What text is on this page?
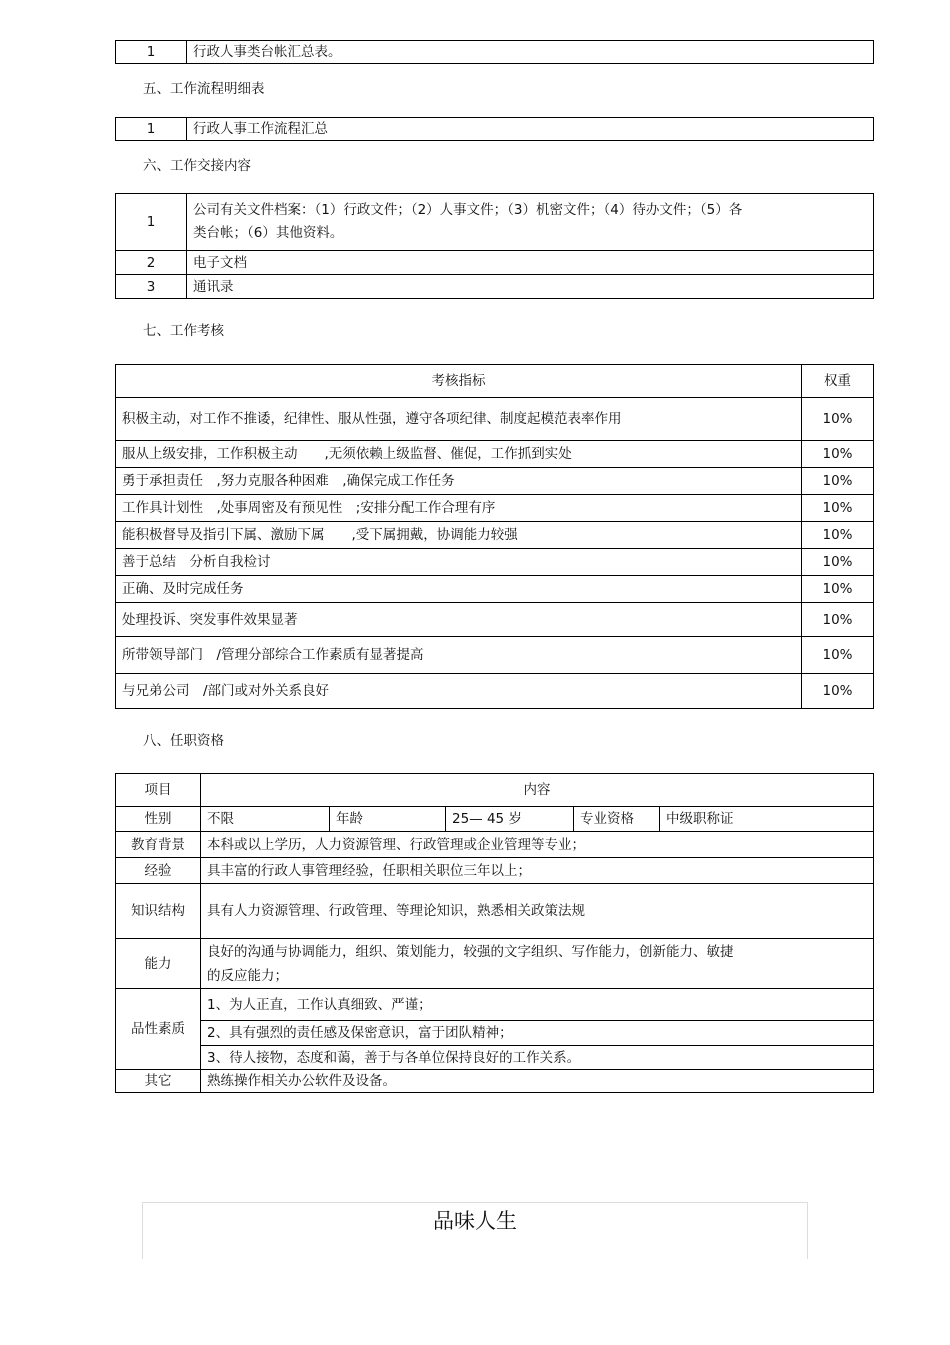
1	行政人事类台帐汇总表。
五、工作流程明细表
1	行政人事工作流程汇总
六、工作交接内容
1	公司有关文件档案：（1）行政文件；（2）人事文件；（3）机密文件；（4）待办文件；（5）各
类台帐；（6）其他资料。

2	电子文档
3	通讯录
七、工作考核
考核指标	权重
积极主动，对工作不推诿，纪律性、服从性强，遵守各项纪律、制度起模范表率作用	10%
服从上级安排，工作积极主动　　,无须依赖上级监督、催促，工作抓到实处	10%
勇于承担责任　,努力克服各种困难　,确保完成工作任务	10%
工作具计划性　,处事周密及有预见性　;安排分配工作合理有序	10%
能积极督导及指引下属、激励下属　　,受下属拥戴，协调能力较强	10%
善于总结　分析自我检讨	10%
正确、及时完成任务	10%
处理投诉、突发事件效果显著	10%
所带领导部门　/管理分部综合工作素质有显著提高	10%
与兄弟公司　/部门或对外关系良好	10%
八、任职资格
项目	内容				
性别	不限	年龄	25— 45 岁	专业资格	中级职称证
教育背景	本科或以上学历，人力资源管理、行政管理或企业管理等专业；				
经验	具丰富的行政人事管理经验，任职相关职位三年以上；				
知识结构	具有人力资源管理、行政管理、等理论知识，熟悉相关政策法规				
能力	良好的沟通与协调能力，组织、策划能力，较强的文字组织、写作能力，创新能力、敏捷
的反应能力；				

品性素质	1、为人正直，工作认真细致、严谨；				
	2、具有强烈的责任感及保密意识，富于团队精神；				
	3、待人接物，态度和蔼，善于与各单位保持良好的工作关系。				
其它	熟练操作相关办公软件及设备。				
品味人生
